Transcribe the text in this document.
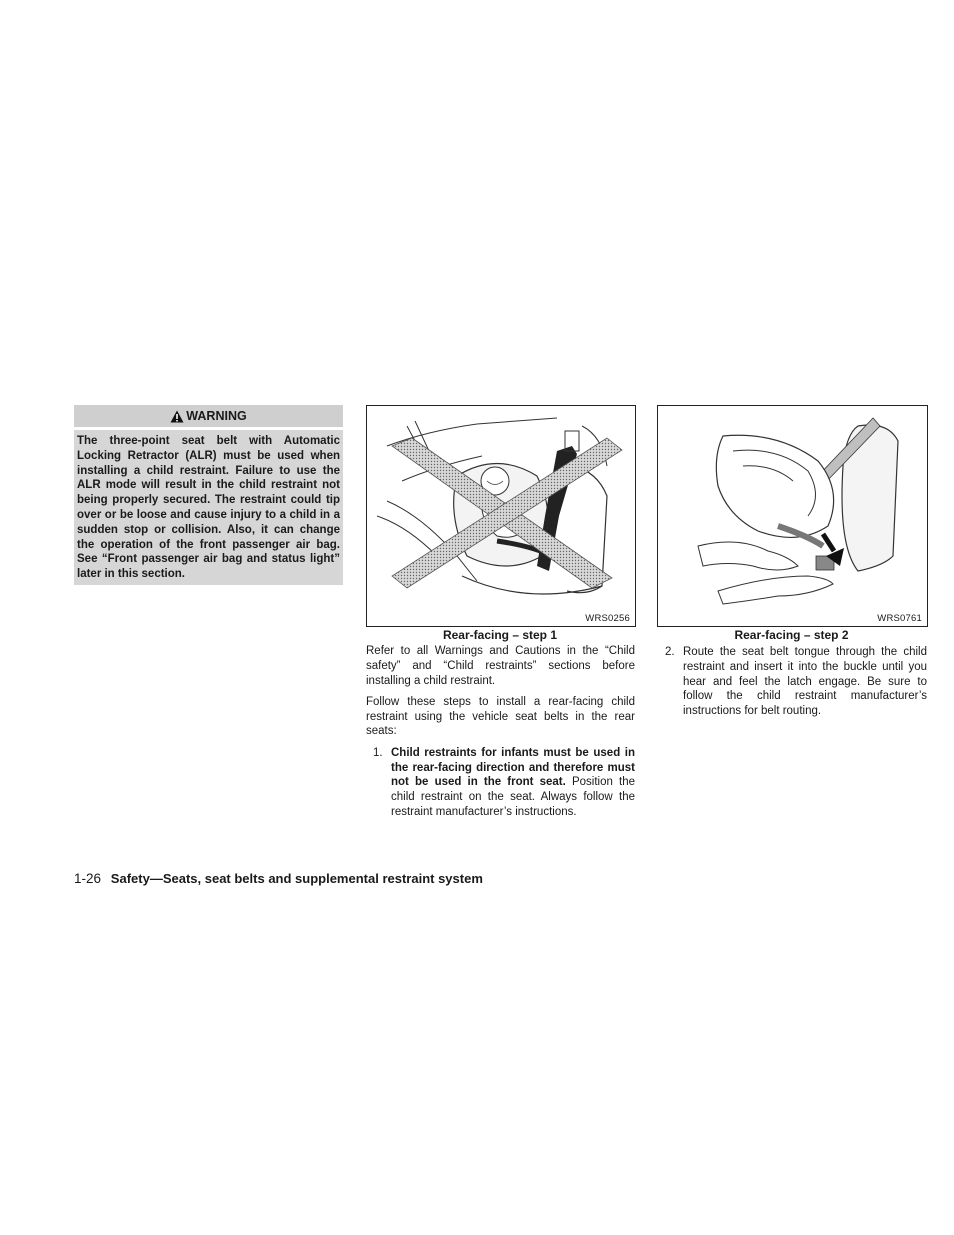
WARNING
The three-point seat belt with Automatic Locking Retractor (ALR) must be used when installing a child restraint. Failure to use the ALR mode will result in the child restraint not being properly secured. The restraint could tip over or be loose and cause injury to a child in a sudden stop or collision. Also, it can change the operation of the front passenger air bag. See “Front passenger air bag and status light” later in this section.
WRS0256
Rear-facing – step 1
WRS0761
Rear-facing – step 2

Refer to all Warnings and Cautions in the “Child safety” and “Child restraints” sections before installing a child restraint.

Follow these steps to install a rear-facing child restraint using the vehicle seat belts in the rear seats:

1. Child restraints for infants must be used in the rear-facing direction and therefore must not be used in the front seat. Position the child restraint on the seat. Always follow the restraint manufacturer’s instructions.
2. Route the seat belt tongue through the child restraint and insert it into the buckle until you hear and feel the latch engage. Be sure to follow the child restraint manufacturer’s instructions for belt routing.
1-26 Safety—Seats, seat belts and supplemental restraint system
